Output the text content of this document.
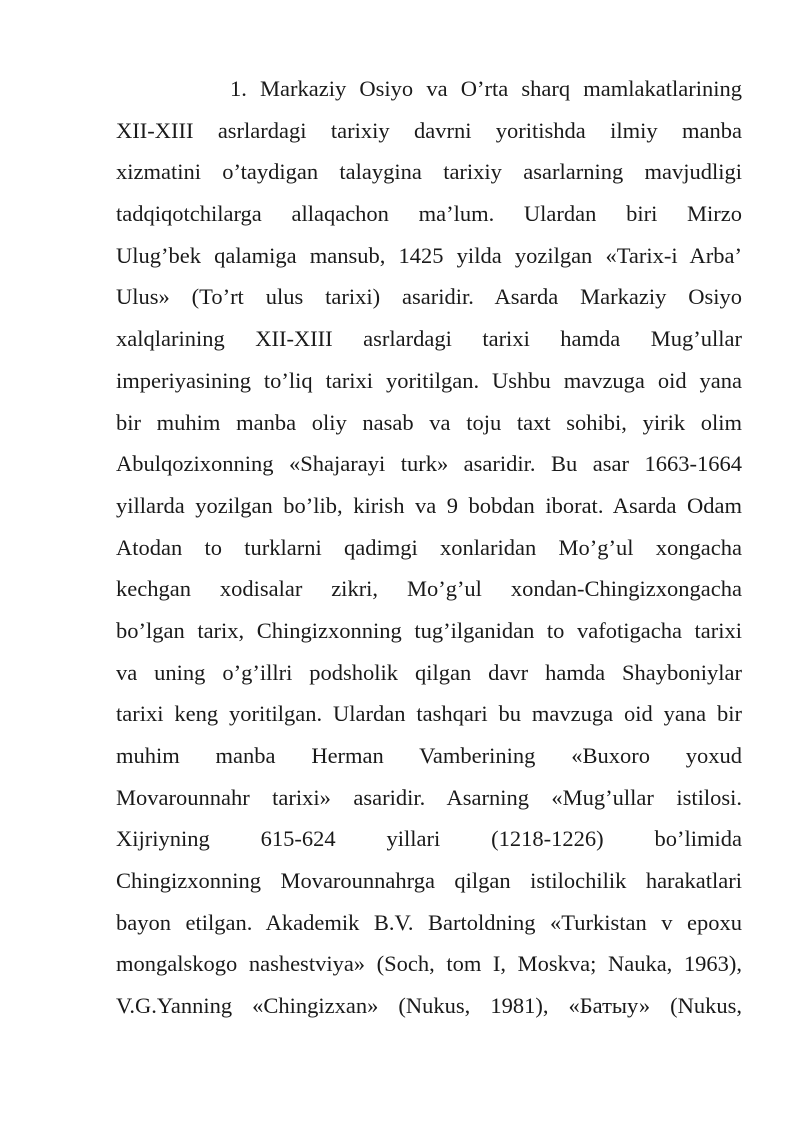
1. Markaziy Osiyo va O’rta sharq mamlakatlarining
XII-XIII asrlardagi tarixiy davrni yoritishda ilmiy manba
xizmatini o’taydigan talaygina tarixiy asarlarning mavjudligi
tadqiqotchilarga allaqachon ma’lum. Ulardan biri Mirzo
Ulug’bek qalamiga mansub, 1425 yilda yozilgan «Tarix-i Arba’
Ulus» (To’rt ulus tarixi) asaridir. Asarda Markaziy Osiyo
xalqlarining XII-XIII asrlardagi tarixi hamda Mug’ullar
imperiyasining to’liq tarixi yoritilgan. Ushbu mavzuga oid yana
bir muhim manba oliy nasab va toju taxt sohibi, yirik olim
Abulqozixonning «Shajarayi turk» asaridir. Bu asar 1663-1664
yillarda yozilgan bo’lib, kirish va 9 bobdan iborat. Asarda Odam
Atodan to turklarni qadimgi xonlaridan Mo’g’ul xongacha
kechgan xodisalar zikri, Mo’g’ul xondan-Chingizxongacha
bo’lgan tarix, Chingizxonning tug’ilganidan to vafotigacha tarixi
va uning o’g’illri podsholik qilgan davr hamda Shayboniylar
tarixi keng yoritilgan. Ulardan tashqari bu mavzuga oid yana bir
muhim manba Herman Vamberining «Buxoro yoxud
Movarounnahr tarixi» asaridir. Asarning «Mug’ullar istilosi.
Xijriyning 615-624 yillari (1218-1226) bo’limida
Chingizxonning Movarounnahrga qilgan istilochilik harakatlari
bayon etilgan. Akademik B.V. Bartoldning «Turkistan v epoxu
mongalskogo nashestviya» (Soch, tom I, Moskva; Nauka, 1963),
V.G.Yanning «Chingizxan» (Nukus, 1981), «Батыу» (Nukus,
